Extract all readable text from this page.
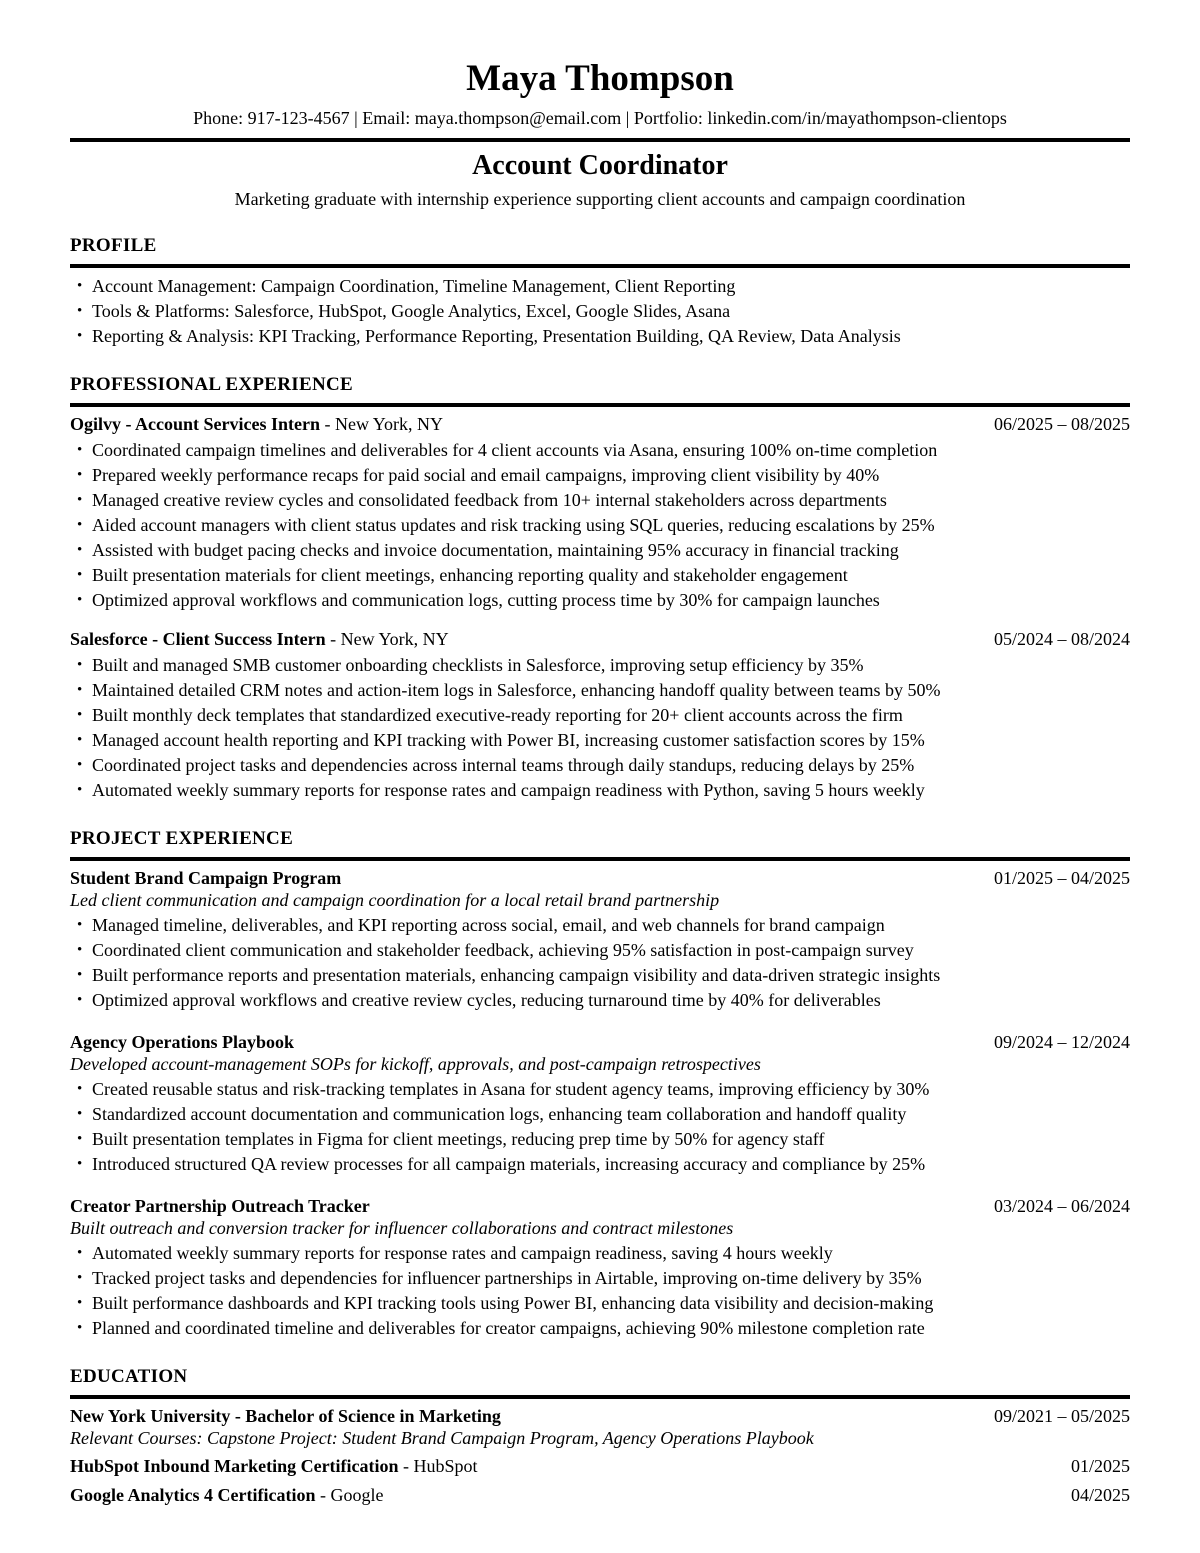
Maya Thompson
Phone: 917-123-4567 | Email: maya.thompson@email.com | Portfolio: linkedin.com/in/mayathompson-clientops
Account Coordinator
Marketing graduate with internship experience supporting client accounts and campaign coordination
PROFILE
• Account Management: Campaign Coordination, Timeline Management, Client Reporting
• Tools & Platforms: Salesforce, HubSpot, Google Analytics, Excel, Google Slides, Asana
• Reporting & Analysis: KPI Tracking, Performance Reporting, Presentation Building, QA Review, Data Analysis
PROFESSIONAL EXPERIENCE
Ogilvy - Account Services Intern - New York, NY	06/2025 – 08/2025
• Coordinated campaign timelines and deliverables for 4 client accounts via Asana, ensuring 100% on-time completion
• Prepared weekly performance recaps for paid social and email campaigns, improving client visibility by 40%
• Managed creative review cycles and consolidated feedback from 10+ internal stakeholders across departments
• Aided account managers with client status updates and risk tracking using SQL queries, reducing escalations by 25%
• Assisted with budget pacing checks and invoice documentation, maintaining 95% accuracy in financial tracking
• Built presentation materials for client meetings, enhancing reporting quality and stakeholder engagement
• Optimized approval workflows and communication logs, cutting process time by 30% for campaign launches
Salesforce - Client Success Intern - New York, NY	05/2024 – 08/2024
• Built and managed SMB customer onboarding checklists in Salesforce, improving setup efficiency by 35%
• Maintained detailed CRM notes and action-item logs in Salesforce, enhancing handoff quality between teams by 50%
• Built monthly deck templates that standardized executive-ready reporting for 20+ client accounts across the firm
• Managed account health reporting and KPI tracking with Power BI, increasing customer satisfaction scores by 15%
• Coordinated project tasks and dependencies across internal teams through daily standups, reducing delays by 25%
• Automated weekly summary reports for response rates and campaign readiness with Python, saving 5 hours weekly
PROJECT EXPERIENCE
Student Brand Campaign Program	01/2025 – 04/2025
Led client communication and campaign coordination for a local retail brand partnership
• Managed timeline, deliverables, and KPI reporting across social, email, and web channels for brand campaign
• Coordinated client communication and stakeholder feedback, achieving 95% satisfaction in post-campaign survey
• Built performance reports and presentation materials, enhancing campaign visibility and data-driven strategic insights
• Optimized approval workflows and creative review cycles, reducing turnaround time by 40% for deliverables
Agency Operations Playbook	09/2024 – 12/2024
Developed account-management SOPs for kickoff, approvals, and post-campaign retrospectives
• Created reusable status and risk-tracking templates in Asana for student agency teams, improving efficiency by 30%
• Standardized account documentation and communication logs, enhancing team collaboration and handoff quality
• Built presentation templates in Figma for client meetings, reducing prep time by 50% for agency staff
• Introduced structured QA review processes for all campaign materials, increasing accuracy and compliance by 25%
Creator Partnership Outreach Tracker	03/2024 – 06/2024
Built outreach and conversion tracker for influencer collaborations and contract milestones
• Automated weekly summary reports for response rates and campaign readiness, saving 4 hours weekly
• Tracked project tasks and dependencies for influencer partnerships in Airtable, improving on-time delivery by 35%
• Built performance dashboards and KPI tracking tools using Power BI, enhancing data visibility and decision-making
• Planned and coordinated timeline and deliverables for creator campaigns, achieving 90% milestone completion rate
EDUCATION
New York University - Bachelor of Science in Marketing	09/2021 – 05/2025
Relevant Courses: Capstone Project: Student Brand Campaign Program, Agency Operations Playbook
HubSpot Inbound Marketing Certification - HubSpot	01/2025
Google Analytics 4 Certification - Google	04/2025
